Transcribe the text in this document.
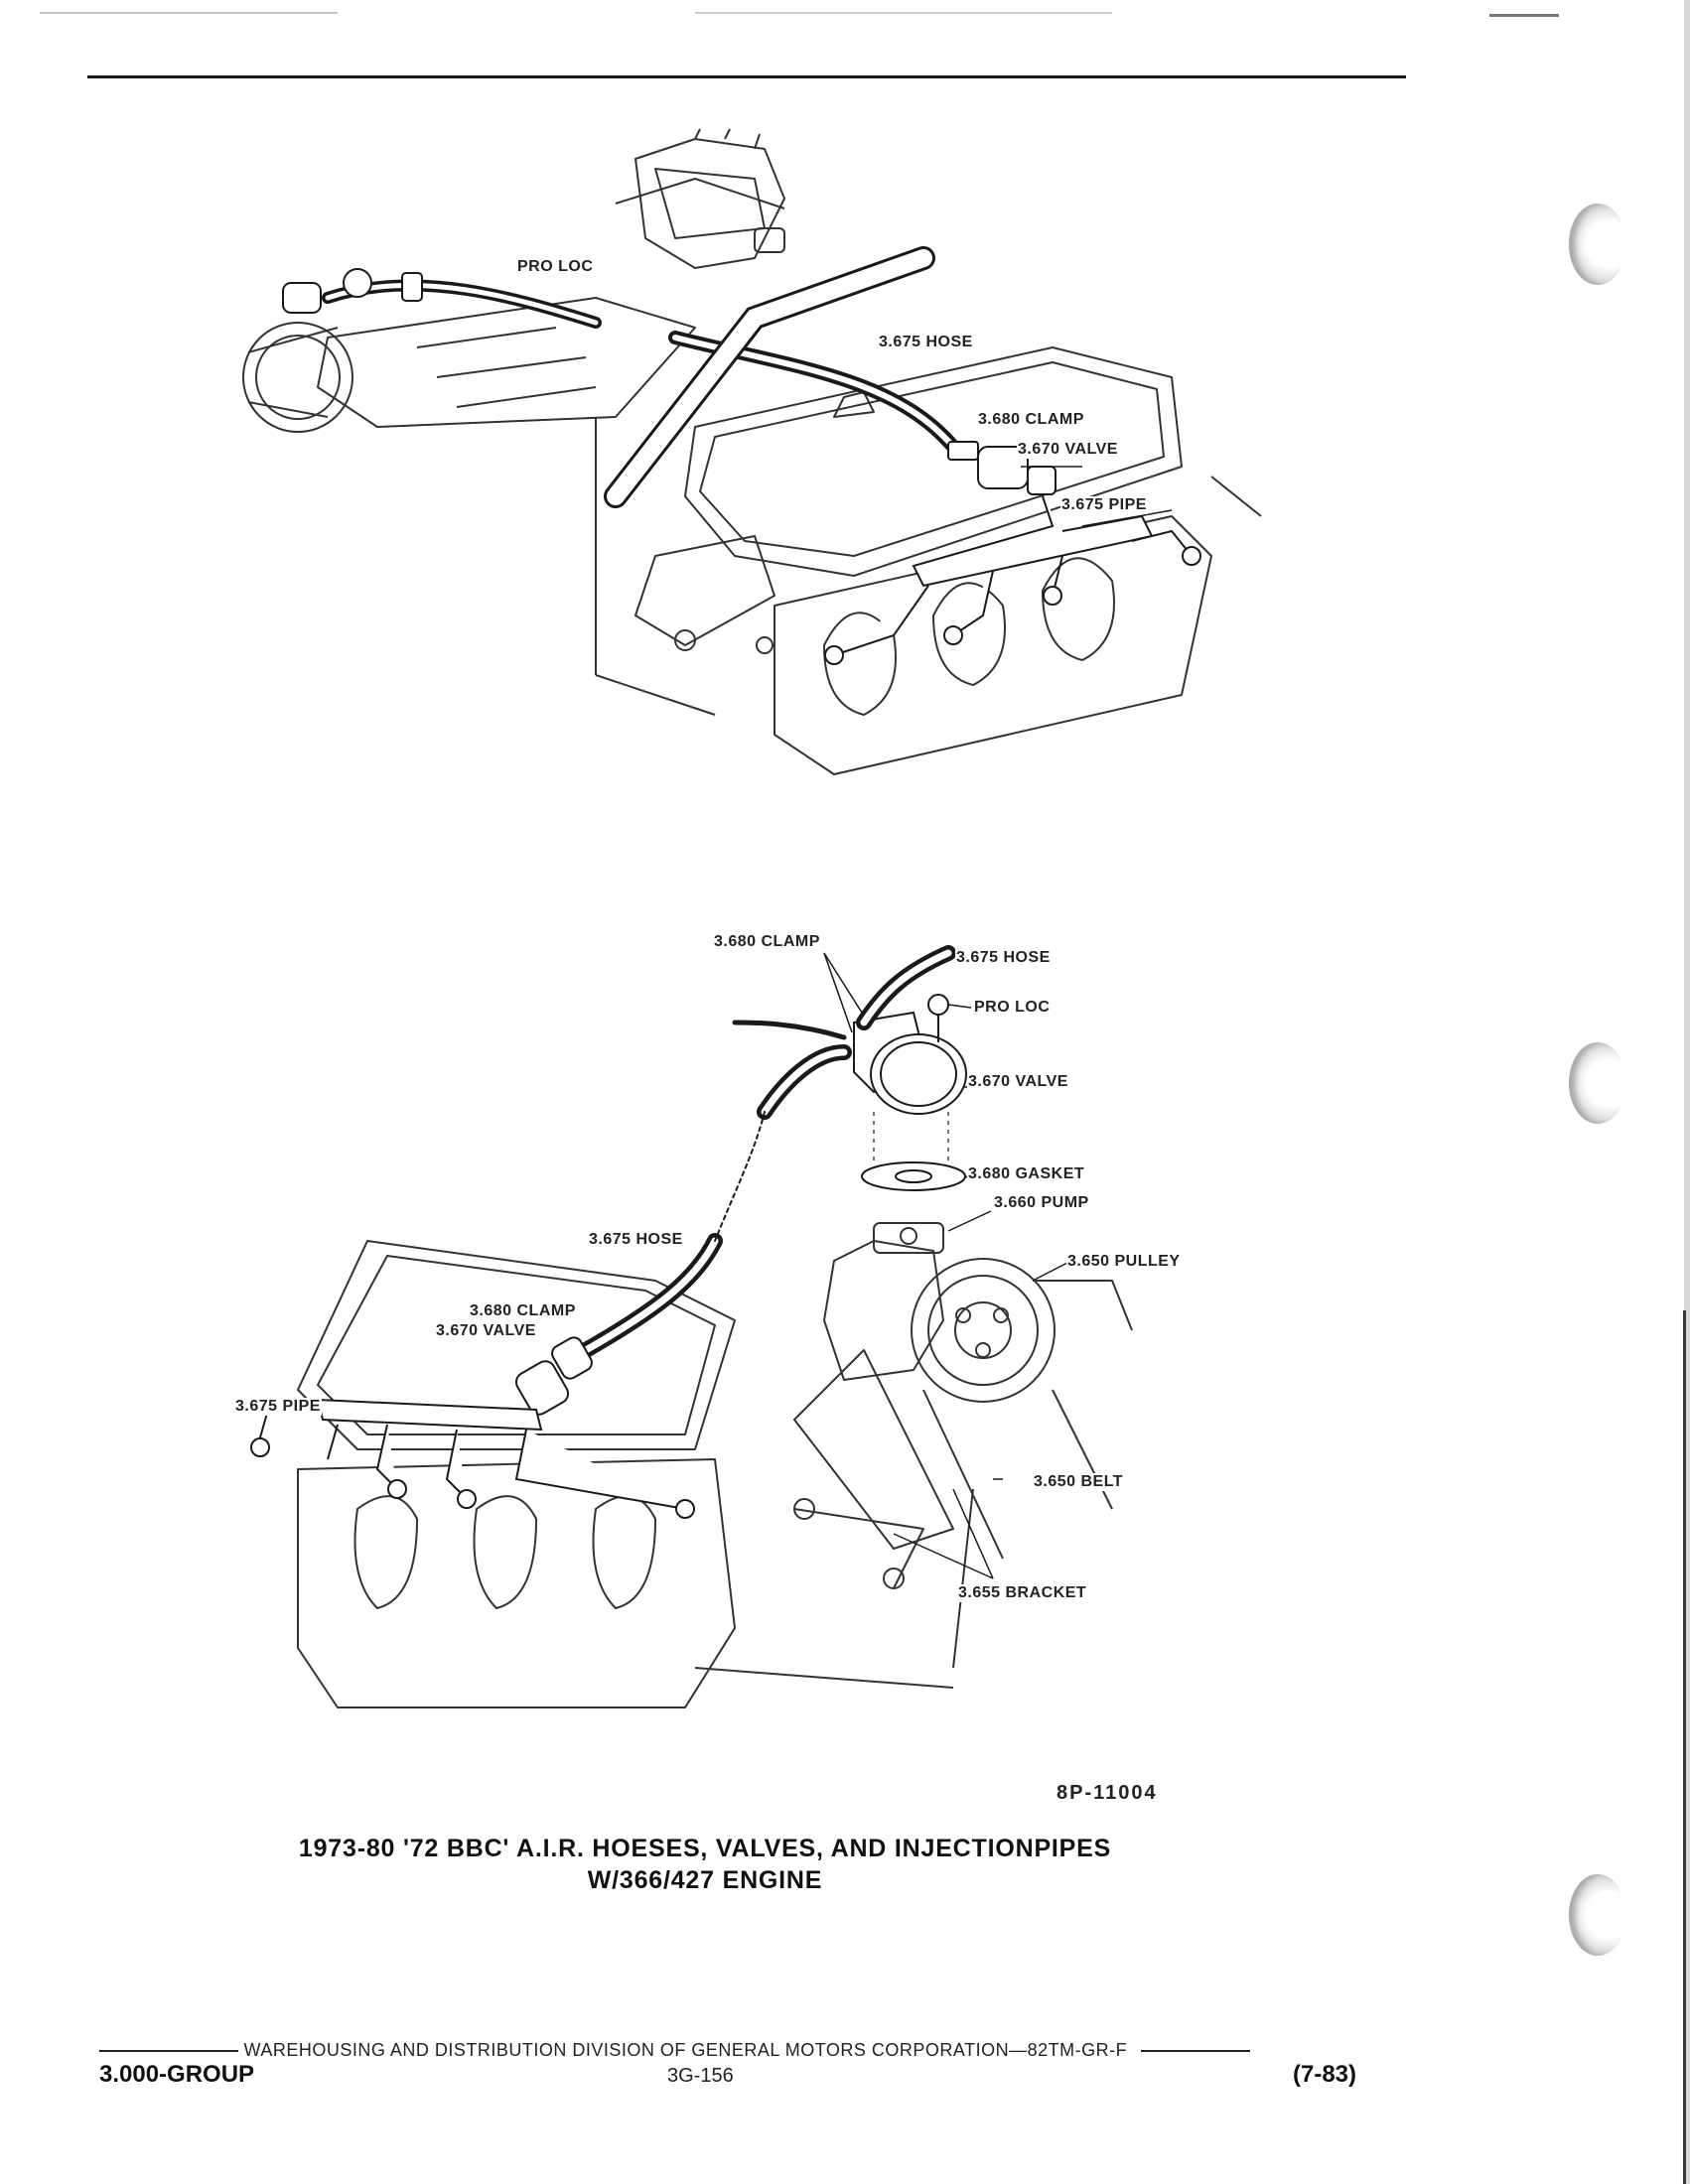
PRO LOC
3.675 HOSE
3.680 CLAMP
3.670 VALVE
3.675 PIPE
3.680 CLAMP
3.675 HOSE
PRO LOC
3.670 VALVE
3.680 GASKET
3.660 PUMP
3.650 PULLEY
3.675 HOSE
3.680 CLAMP
3.670 VALVE
3.675 PIPE
3.650 BELT
3.655 BRACKET
8P-11004
1973-80 '72 BBC' A.I.R. HOESES, VALVES, AND INJECTIONPIPES
W/366/427 ENGINE
WAREHOUSING AND DISTRIBUTION DIVISION OF GENERAL MOTORS CORPORATION—82TM-GR-F
3.000-GROUP	3G-156	(7-83)
